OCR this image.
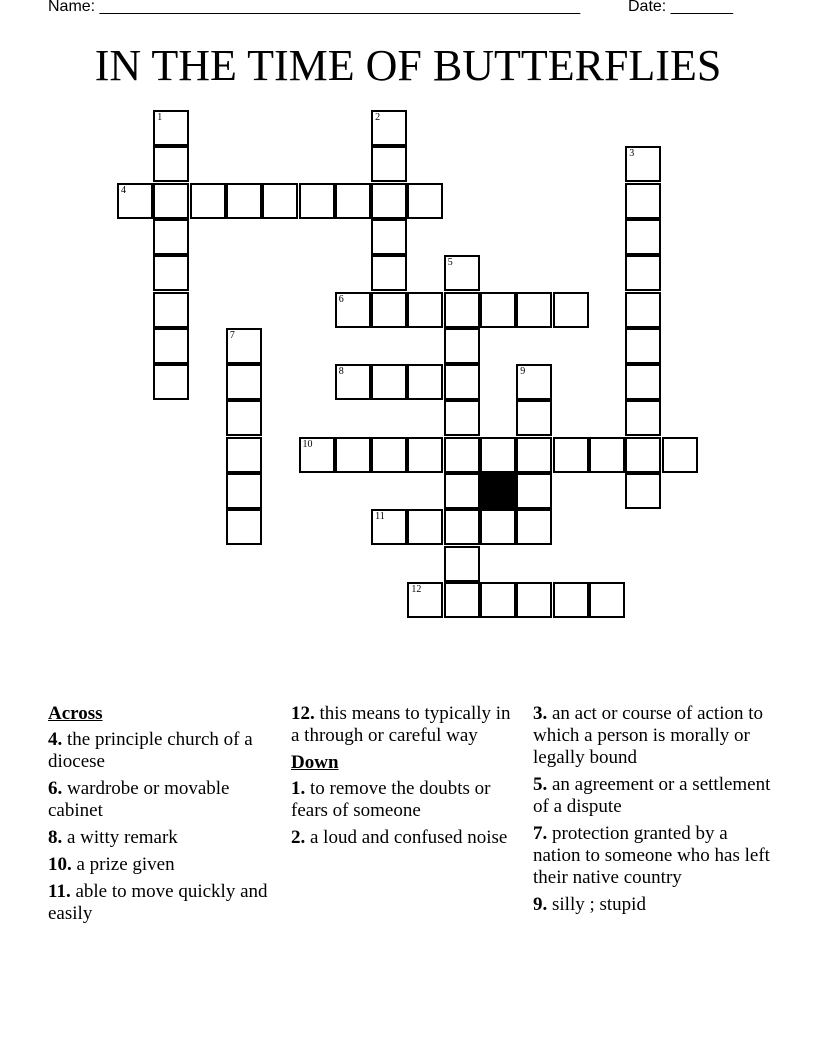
Name: ______________________________________________________	Date: _______
IN THE TIME OF BUTTERFLIES
1	2
3
4
5
6
7
8	9
10
11
12
Across
4. the principle church of a diocese
6. wardrobe or movable cabinet
8. a witty remark
10. a prize given
11. able to move quickly and easily
12. this means to typically in a through or careful way
Down
1. to remove the doubts or fears of someone
2. a loud and confused noise
3. an act or course of action to which a person is morally or legally bound
5. an agreement or a settlement of a dispute
7. protection granted by a nation to someone who has left their native country
9. silly ; stupid
